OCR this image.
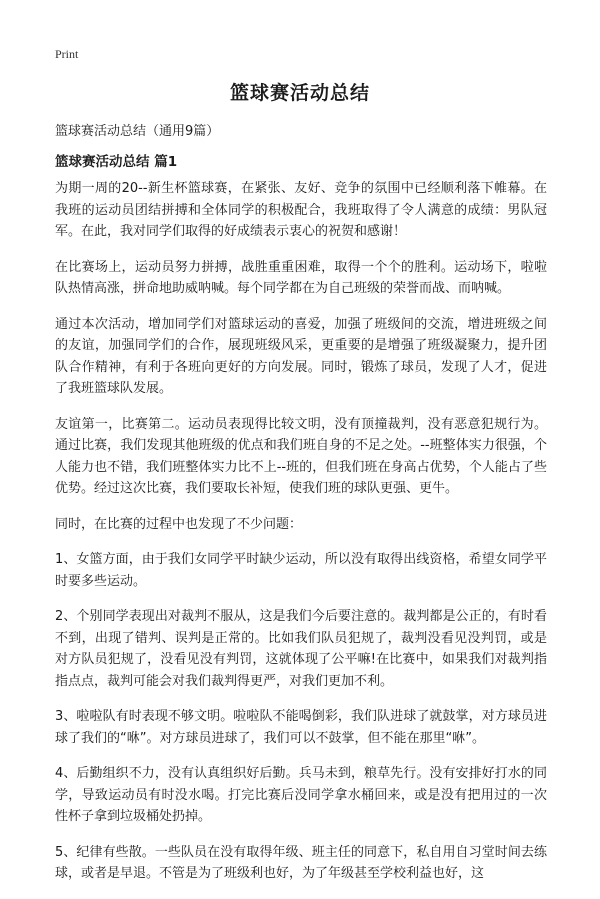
Print
篮球赛活动总结

篮球赛活动总结（通用9篇）

篮球赛活动总结 篇1

为期一周的20--新生杯篮球赛，在紧张、友好、竞争的氛围中已经顺利落下帷幕。在我班的运动员团结拼搏和全体同学的积极配合，我班取得了令人满意的成绩：男队冠军。在此，我对同学们取得的好成绩表示衷心的祝贺和感谢！

在比赛场上，运动员努力拼搏，战胜重重困难，取得一个个的胜利。运动场下，啦啦队热情高涨，拼命地助威呐喊。每个同学都在为自己班级的荣誉而战、而呐喊。

通过本次活动，增加同学们对篮球运动的喜爱，加强了班级间的交流，增进班级之间的友谊，加强同学们的合作，展现班级风采，更重要的是增强了班级凝聚力，提升团队合作精神，有利于各班向更好的方向发展。同时，锻炼了球员，发现了人才，促进了我班篮球队发展。

友谊第一，比赛第二。运动员表现得比较文明，没有顶撞裁判，没有恶意犯规行为。通过比赛，我们发现其他班级的优点和我们班自身的不足之处。--班整体实力很强，个人能力也不错，我们班整体实力比不上--班的，但我们班在身高占优势，个人能占了些优势。经过这次比赛，我们要取长补短，使我们班的球队更强、更牛。

同时，在比赛的过程中也发现了不少问题：

1、女篮方面，由于我们女同学平时缺少运动，所以没有取得出线资格，希望女同学平时要多些运动。

2、个别同学表现出对裁判不服从，这是我们今后要注意的。裁判都是公正的，有时看不到，出现了错判、误判是正常的。比如我们队员犯规了，裁判没看见没判罚，或是对方队员犯规了，没看见没有判罚，这就体现了公平嘛!在比赛中，如果我们对裁判指指点点，裁判可能会对我们裁判得更严，对我们更加不利。

3、啦啦队有时表现不够文明。啦啦队不能喝倒彩，我们队进球了就鼓掌，对方球员进球了我们的“咻”。对方球员进球了，我们可以不鼓掌，但不能在那里“咻”。

4、后勤组织不力，没有认真组织好后勤。兵马未到，粮草先行。没有安排好打水的同学，导致运动员有时没水喝。打完比赛后没同学拿水桶回来，或是没有把用过的一次性杯子拿到垃圾桶处扔掉。

5、纪律有些散。一些队员在没有取得年级、班主任的同意下，私自用自习堂时间去练球，或者是早退。不管是为了班级利也好，为了年级甚至学校利益也好，这
